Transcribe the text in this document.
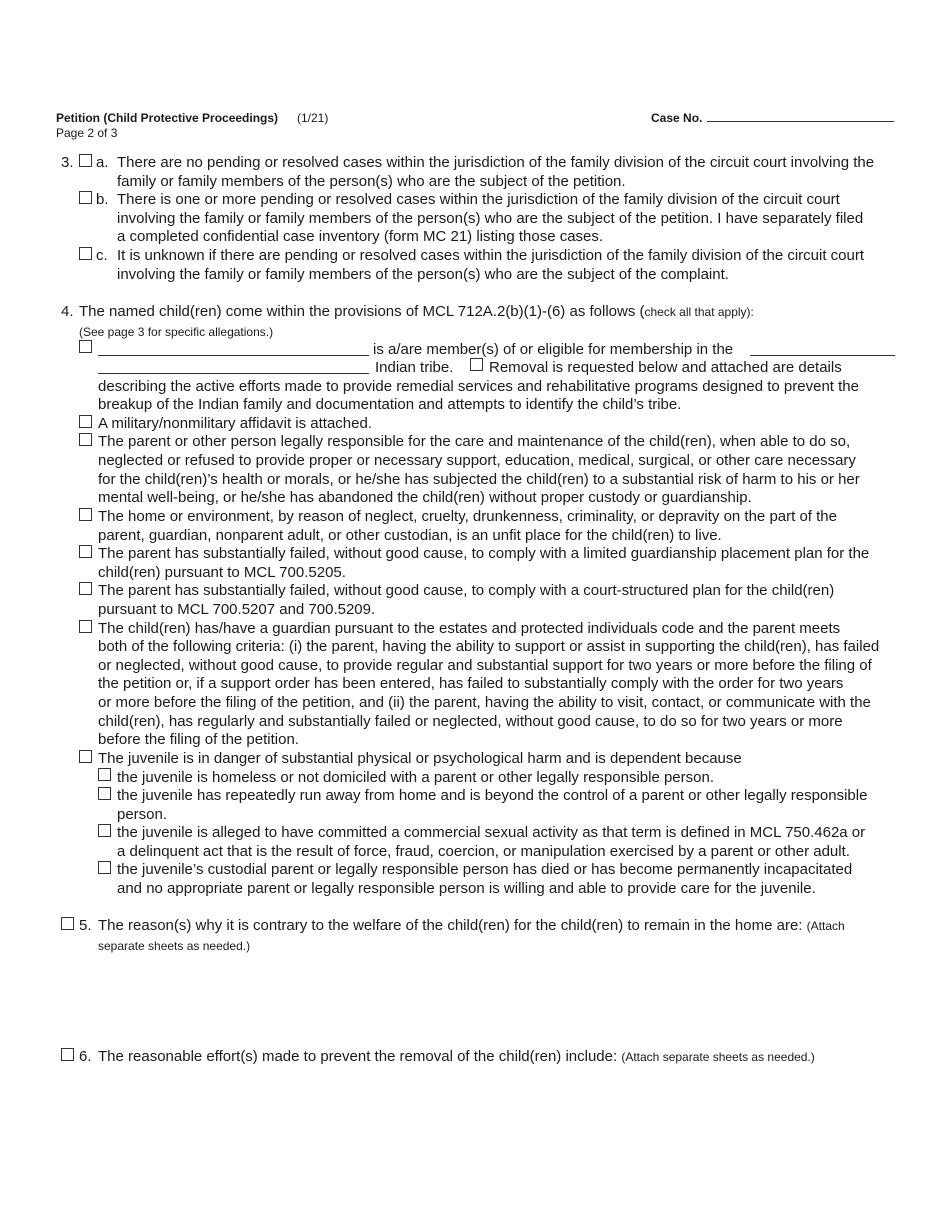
Petition (Child Protective Proceedings) (1/21)
Page 2 of 3
Case No.
3. a. There are no pending or resolved cases within the jurisdiction of the family division of the circuit court involving the
family or family members of the person(s) who are the subject of the petition.
b. There is one or more pending or resolved cases within the jurisdiction of the family division of the circuit court
involving the family or family members of the person(s) who are the subject of the petition. I have separately filed
a completed confidential case inventory (form MC 21) listing those cases.
c. It is unknown if there are pending or resolved cases within the jurisdiction of the family division of the circuit court
involving the family or family members of the person(s) who are the subject of the complaint.
4. The named child(ren) come within the provisions of MCL 712A.2(b)(1)-(6) as follows (check all that apply):
(See page 3 for specific allegations.)
is a/are member(s) of or eligible for membership in the
Indian tribe. Removal is requested below and attached are details
describing the active efforts made to provide remedial services and rehabilitative programs designed to prevent the
breakup of the Indian family and documentation and attempts to identify the child’s tribe.
A military/nonmilitary affidavit is attached.
The parent or other person legally responsible for the care and maintenance of the child(ren), when able to do so,
neglected or refused to provide proper or necessary support, education, medical, surgical, or other care necessary
for the child(ren)’s health or morals, or he/she has subjected the child(ren) to a substantial risk of harm to his or her
mental well-being, or he/she has abandoned the child(ren) without proper custody or guardianship.
The home or environment, by reason of neglect, cruelty, drunkenness, criminality, or depravity on the part of the
parent, guardian, nonparent adult, or other custodian, is an unfit place for the child(ren) to live.
The parent has substantially failed, without good cause, to comply with a limited guardianship placement plan for the
child(ren) pursuant to MCL 700.5205.
The parent has substantially failed, without good cause, to comply with a court-structured plan for the child(ren)
pursuant to MCL 700.5207 and 700.5209.
The child(ren) has/have a guardian pursuant to the estates and protected individuals code and the parent meets
both of the following criteria: (i) the parent, having the ability to support or assist in supporting the child(ren), has failed
or neglected, without good cause, to provide regular and substantial support for two years or more before the filing of
the petition or, if a support order has been entered, has failed to substantially comply with the order for two years
or more before the filing of the petition, and (ii) the parent, having the ability to visit, contact, or communicate with the
child(ren), has regularly and substantially failed or neglected, without good cause, to do so for two years or more
before the filing of the petition.
The juvenile is in danger of substantial physical or psychological harm and is dependent because
the juvenile is homeless or not domiciled with a parent or other legally responsible person.
the juvenile has repeatedly run away from home and is beyond the control of a parent or other legally responsible
person.
the juvenile is alleged to have committed a commercial sexual activity as that term is defined in MCL 750.462a or
a delinquent act that is the result of force, fraud, coercion, or manipulation exercised by a parent or other adult.
the juvenile’s custodial parent or legally responsible person has died or has become permanently incapacitated
and no appropriate parent or legally responsible person is willing and able to provide care for the juvenile.
5. The reason(s) why it is contrary to the welfare of the child(ren) for the child(ren) to remain in the home are: (Attach
separate sheets as needed.)
6. The reasonable effort(s) made to prevent the removal of the child(ren) include: (Attach separate sheets as needed.)
